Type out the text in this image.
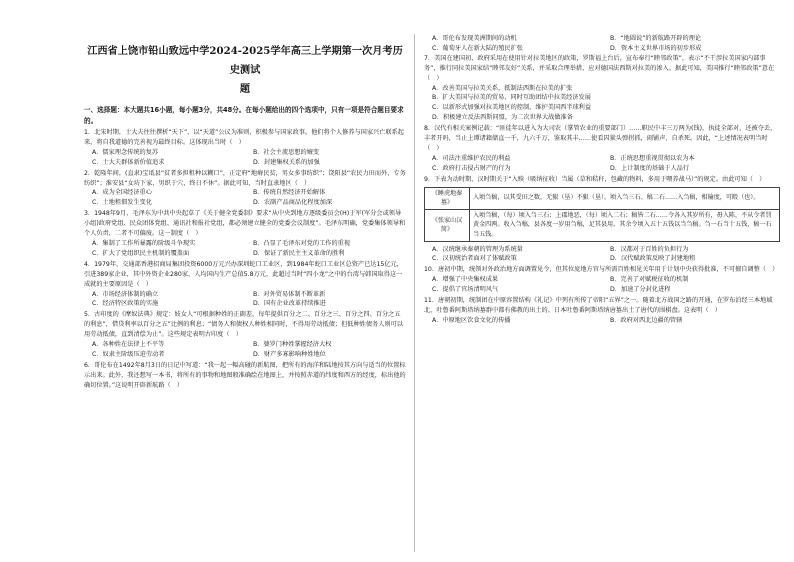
江西省上饶市铅山致远中学2024-2025学年高三上学期第一次月考历史测试
题
一、选择题：本大题共16小题，每小题3分，共48分。在每小题给出的四个选项中，只有一项是符合题目要求的。

1．北宋时期，士大夫往往撰析“天下”，以“天道”公议为准则，积极参与国家政事。他们将个人修养与国家兴亡联系起来，将自我道德的完善视为最终目标。这体现出当时（　）

A．儒家理念传统的复苏	B．社会主流思想的嬗变
C．士大夫群体新价值追求	D．封建集权关系的加强

2．乾隆年间，(直隶)宝坻县“贫者多担租种以糊口”，正定府“地瘠民贫，男女多事纺织”；饶阳县“农民力田而外，专务纺织”；淮安县“女坊下家，男织于穴，终日不休”。据此可知，当时直隶地区（　）

A．成为全国经济重心	B．传统自然经济开始解体
C．土地租佃发生变化	D．农副产品商品化程度加深

3．1948年9月，毛泽东为中共中央起草了《关于健全党委制》要求“从中央到地方逐级委员会(H)于军(军分会或领导小组)政府党组、民众团体党组、通讯社和报社党组，都必须建立健全的党委会议制度”。毛泽东明确，党委集体领导和个人负责，二者不可偏废。这一制度（　）

A．集制了工作所暴露的阶级斗争现实	B．凸显了毛泽东对党的工作的重视
C．扩大了党组织民主机制的覆盖面	D．保证了新民主主义革命的胜利

4．1979年，交通部香港招商局集团投资6000万元兴办深圳蛇口工业区，到1984年蛇口工业区总资产已达15亿元，引进389家企业，其中外资企业280家，人均国内生产总值5.8万元，此超过当时“四小龙”之中的台湾与韩国取得这一成就的主要原因是（　）

A．市场经济体制的确立	B．对外贸易体制不断革新
C．经济特区政策的实施	D．国有企业改革持续推进

5．古印度的《摩奴法典》规定：妓女人“可根据种姓的正副差，每年提供百分之二、百分之三、百分之四、百分之五的利息”，借贷利率以百分之五”比例的利息；“债务人和债权人种姓相同时，不得用劳动抵债；但低种姓债务人则可以用劳动抵债，直到清偿为止”。这些规定表明古印度（　）

A．各种姓在法律上不平等	B．婆罗门种姓掌握经济大权
C．奴隶主阶级压迫劳动者	D．财产多寡影响种姓地位

6．哥伦布在1492年8月3日的日记中写道：“我一起一幅高碰的新航图，把所有的海洋和陆地按其方向与适当的位置标示出来。此外，我还想写一本书，将所有的事物和地图般准确绘在地图上，并按照赤道的纬度和西方的经度，标出他的确切位置。”这说明开辟新航路（　）

A．哥伦布发现美洲期间的动机	B．“地圆说”的新航路开辟的理论
C．葡萄牙人在新大陆的殖民扩张	D．资本主义世界市场的初步形成

7．美国在建国初，政府采用在使用针对拉美地区的政策，罗斯福上台后，宣布奉行“睦邻政策”，表示“不干涉拉美国家内部事务”，推行同拉美国家结“睦邻友好”关系，并采取合理举措，应对德国法西斯对拉美的渗入。据此可知，美国推行“睦邻政策”意在（　）

A．改善美国与拉美关系，抵制法西斯在拉美的扩张
B．扩大美国与拉美的贸易，同时互助团结中拉美经济发展
C．以新形式加强对拉美地区的控制，维护美国西半球利益
D．积极建立反法西斯同盟，为二次世界大战做准备

8．汉代有相关案例记载：“匪徒年以进入为大司农（掌管农业的重要部门）……职民中丰三万两为(钱)，执徒全部对，还被夺丢，丰者开吗，当止上谭诸籍储直一千，九六千万，鉴取其丰……使看囚狱头弹拐抓，闹铺声，自杀死。因此，“上述情况表明当时（　）

A．司法注重维护农民的利益	B．正统思想重视贯彻以农为本
C．政府打击侵占财产的行为	D．上计制度的基础于人品行

9．下表为动时期、汉时期关于“入赎（吸纳征收）当属（草和秸秆，包藏的物料，多用于喂养战马）”的规定。由此可知（　）

《睡虎地秦墓》	入顷刍稿，以其受田之数，无豤（垦）不豤（垦），顷入刍三石、稿二石……入刍稿，相输度，可殹（也）。
《张家山汉简》	入顷刍稿，（每）顷入刍三石；上郡地恶，（每）顷入二石；稿皆二石……令各入其岁所有，毋入陈，不从令者罚黄金四两。收入刍稿，县各度一岁用刍稿，足其县用，其余令顷入五十五钱以当刍稿。刍一石当十五钱，稿一石当五钱。
A．汉统继承秦朝的管理为系统量	B．汉都对于百姓的负担行为
C．汉初统治者面对了体赋政策	D．汉代赋政策反映了封建地租

10．唐初中期，统领对外政治地方面调置见令，但其位庞地方官与所需百姓相见关年用于计划中央获得批准，不可擅自调整（　）

A．增强了中央集权成果	B．完善了对赋税征收的机制
C．提倡了官场清明风气	D．加速了分封化进程

11．唐朝初期，统制团在中原容置结构《礼记》中列有所传了帝阳“五界”之一。随着北方战国之路的开通，在罗布泊经三本地域北，吐鲁番阿斯塔纳墓群中都有佛教的出土的。日本吐鲁番阿斯塔纳唐墓出土了唐代的围棋盘。这表明（　）

A．中原地区饮食文化的传播	B．政府对西北边疆的管辖
